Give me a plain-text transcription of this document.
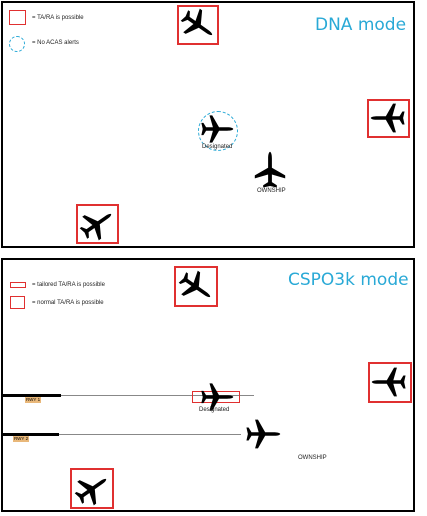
= TA/RA is possible
= No ACAS alerts
DNA mode
Designated
OWNSHIP
= tailored TA/RA is possible
= normal TA/RA is possible
CSPO3k mode
RWY 1
RWY 2
Designated
OWNSHIP
